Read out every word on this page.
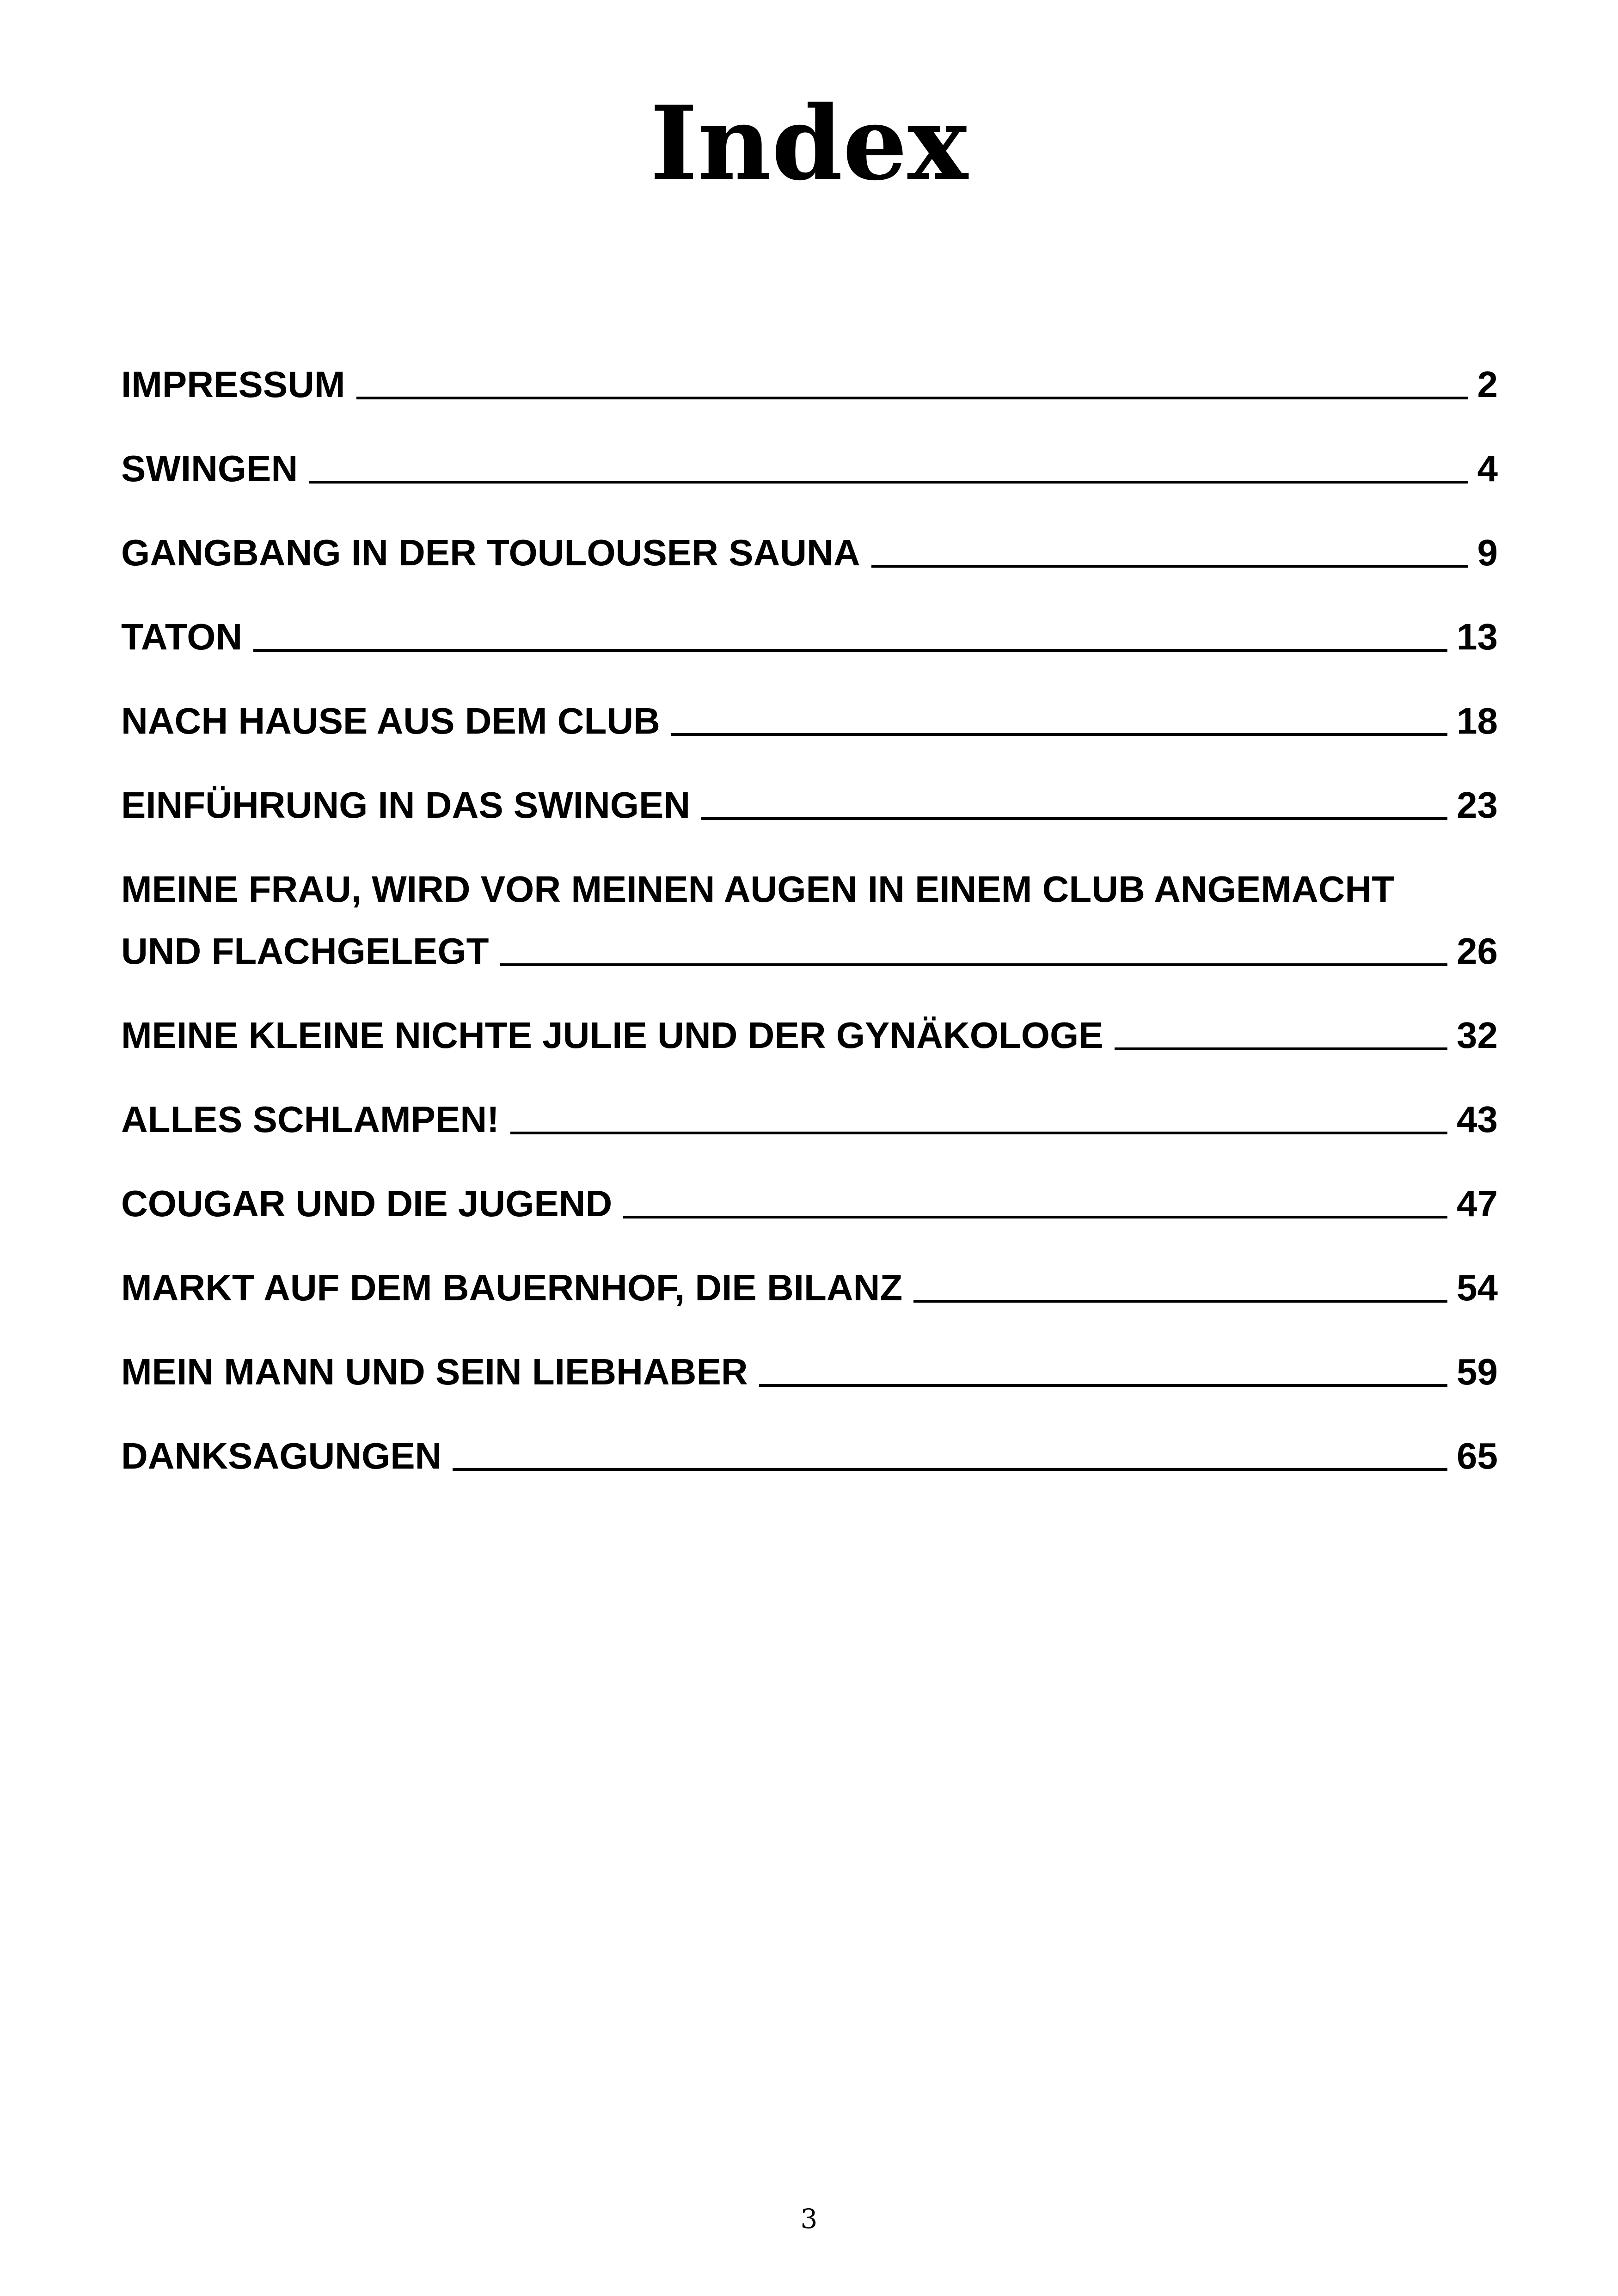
Index
IMPRESSUM	2
SWINGEN	4
GANGBANG IN DER TOULOUSER SAUNA	9
TATON	13
NACH HAUSE AUS DEM CLUB	18
EINFÜHRUNG IN DAS SWINGEN	23
MEINE FRAU, WIRD VOR MEINEN AUGEN IN EINEM CLUB ANGEMACHT
UND FLACHGELEGT	26
MEINE KLEINE NICHTE JULIE UND DER GYNÄKOLOGE	32
ALLES SCHLAMPEN!	43
COUGAR UND DIE JUGEND	47
MARKT AUF DEM BAUERNHOF, DIE BILANZ	54
MEIN MANN UND SEIN LIEBHABER	59
DANKSAGUNGEN	65
3
